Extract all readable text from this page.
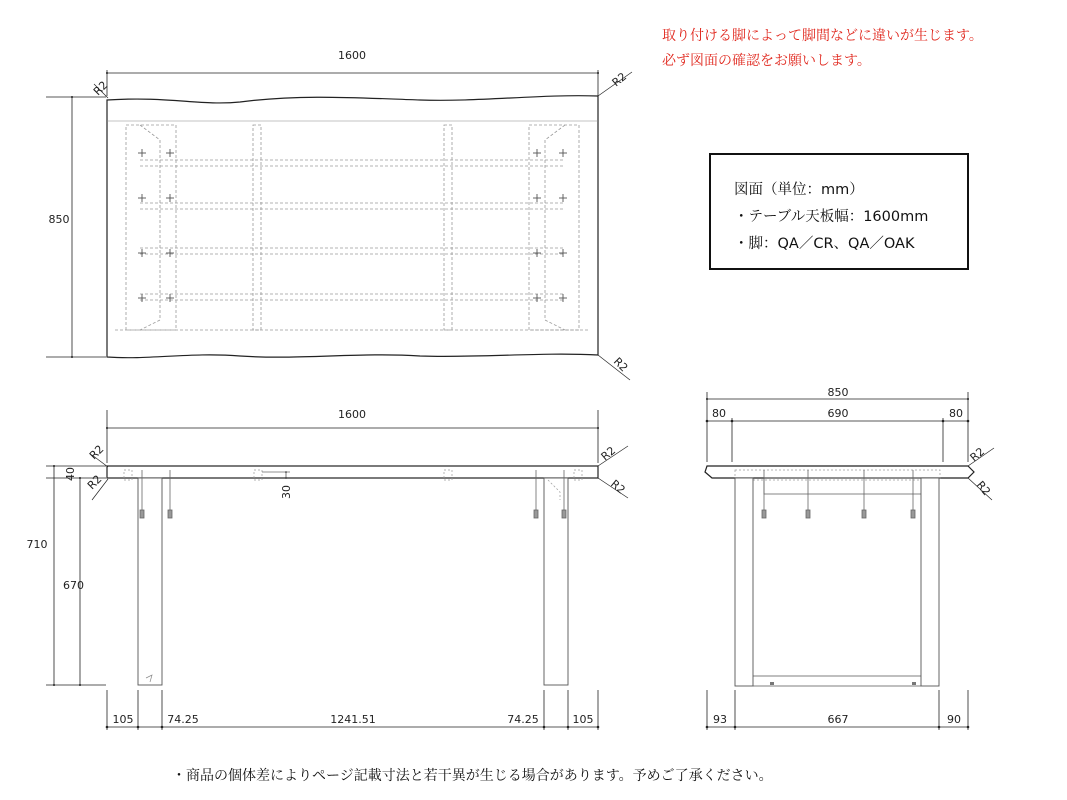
1600
850
R2	R2
R2
1600
30
40
710
670
R2
R2
R2
R2
105	74.25	1241.51	74.25	105
850
80	690	80
R2
R2
93	667	90
取り付ける脚によって脚間などに違いが生じます。
必ず図面の確認をお願いします。
図面（単位：mm）
・テーブル天板幅：1600mm
・脚：QA／CR、QA／OAK
・商品の個体差によりページ記載寸法と若干異が生じる場合があります。予めご了承ください。
